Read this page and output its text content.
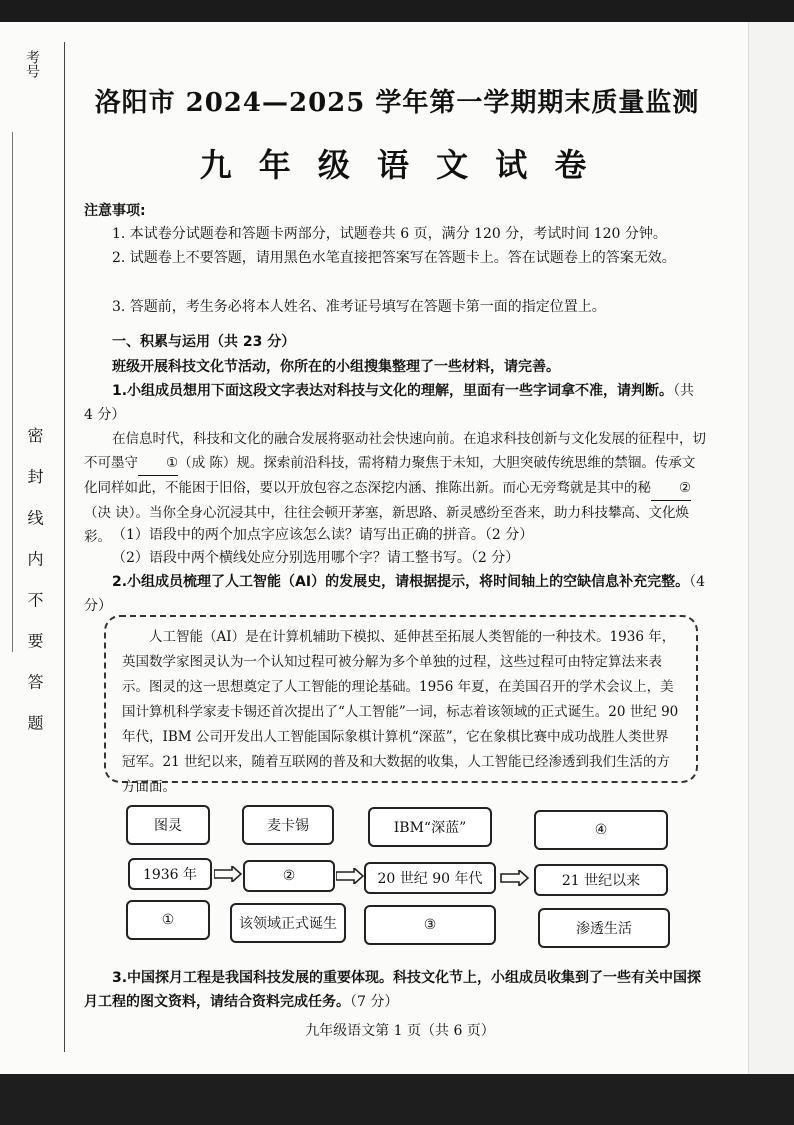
考号
密 封 线 内 不 要 答 题
洛阳市 2024—2025 学年第一学期期末质量监测
九 年 级 语 文 试 卷
注意事项:
1. 本试卷分试题卷和答题卡两部分，试题卷共 6 页，满分 120 分，考试时间 120 分钟。
2. 试题卷上不要答题，请用黑色水笔直接把答案写在答题卡上。答在试题卷上的答案无效。
3. 答题前，考生务必将本人姓名、准考证号填写在答题卡第一面的指定位置上。
一、积累与运用（共 23 分）
班级开展科技文化节活动，你所在的小组搜集整理了一些材料，请完善。
1.小组成员想用下面这段文字表达对科技与文化的理解，里面有一些字词拿不准，请判断。（共 4 分）
在信息时代，科技和文化的融合发展将驱动社会快速向前。在追求科技创新与文化发展的征程中，切不可墨守 ①（成 陈）规。探索前沿科技，需将精力聚焦于未知，大胆突破传统思维的禁锢。传承文化同样如此，不能困于旧俗，要以开放包容之态深挖内涵、推陈出新。而心无旁骛就是其中的秘 ②（决 诀）。当你全身心沉浸其中，往往会顿开茅塞，新思路、新灵感纷至沓来，助力科技攀高、文化焕彩。 （1）语段中的两个加点字应该怎么读？请写出正确的拼音。（2 分）
（2）语段中两个横线处应分别选用哪个字？请工整书写。（2 分）
2.小组成员梳理了人工智能（AI）的发展史，请根据提示，将时间轴上的空缺信息补充完整。（4 分）
人工智能（AI）是在计算机辅助下模拟、延伸甚至拓展人类智能的一种技术。1936 年，英国数学家图灵认为一个认知过程可被分解为多个单独的过程，这些过程可由特定算法来表示。图灵的这一思想奠定了人工智能的理论基础。1956 年夏，在美国召开的学术会议上，美国计算机科学家麦卡锡还首次提出了“人工智能”一词，标志着该领域的正式诞生。20 世纪 90 年代，IBM 公司开发出人工智能国际象棋计算机“深蓝”，它在象棋比赛中成功战胜人类世界冠军。21 世纪以来，随着互联网的普及和大数据的收集，人工智能已经渗透到我们生活的方方面面。
图灵	麦卡锡	IBM“深蓝”	④
1936 年	②	20 世纪 90 年代	21 世纪以来
①	该领域正式诞生	③	渗透生活
3.中国探月工程是我国科技发展的重要体现。科技文化节上，小组成员收集到了一些有关中国探月工程的图文资料，请结合资料完成任务。（7 分）
九年级语文第 1 页（共 6 页）
